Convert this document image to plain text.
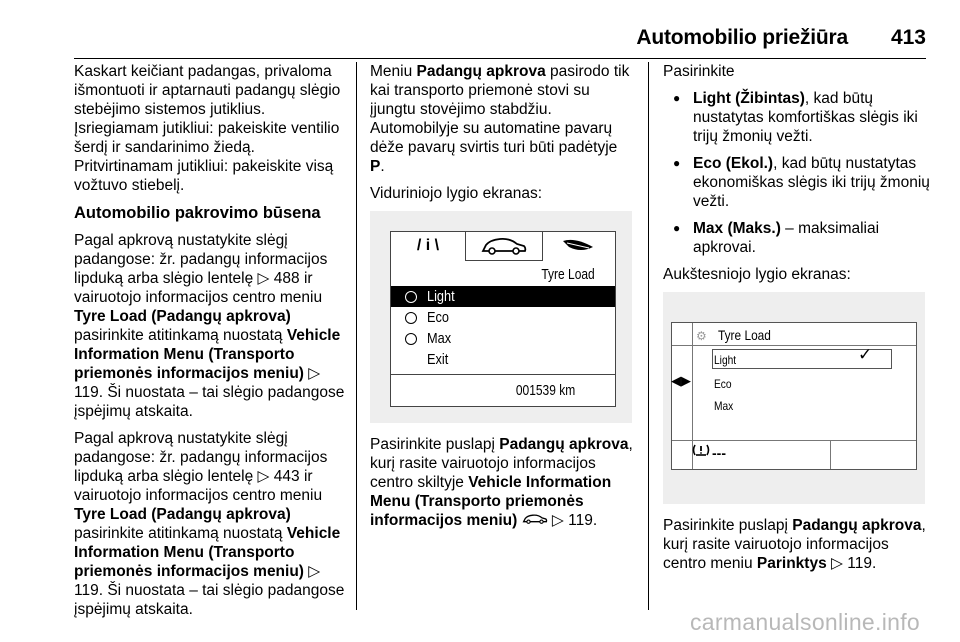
Automobilio priežiūra 413

Kaskart keičiant padangas, privaloma išmontuoti ir aptarnauti padangų slėgio stebėjimo sistemos jutiklius. Įsriegiamam jutikliui: pakeiskite ventilio šerdį ir sandarinimo žiedą. Pritvirtinamam jutikliui: pakeiskite visą vožtuvo stiebelį.

Automobilio pakrovimo būsena

Pagal apkrovą nustatykite slėgį padangose: žr. padangų informacijos lipduką arba slėgio lentelę ▷ 488 ir vairuotojo informacijos centro meniu Tyre Load (Padangų apkrova) pasirinkite atitinkamą nuostatą Vehicle Information Menu (Transporto priemonės informacijos meniu) ▷ 119. Ši nuostata – tai slėgio padangose įspėjimų atskaita.

Pagal apkrovą nustatykite slėgį padangose: žr. padangų informacijos lipduką arba slėgio lentelę ▷ 443 ir vairuotojo informacijos centro meniu Tyre Load (Padangų apkrova) pasirinkite atitinkamą nuostatą Vehicle Information Menu (Transporto priemonės informacijos meniu) ▷ 119. Ši nuostata – tai slėgio padangose įspėjimų atskaita.

Meniu Padangų apkrova pasirodo tik kai transporto priemonė stovi su įjungtu stovėjimo stabdžiu. Automobilyje su automatine pavarų dėže pavarų svirtis turi būti padėtyje P.

Viduriniojo lygio ekranas:

/ i \
Tyre Load
Light
Eco
Max
Exit
001539 km

Pasirinkite puslapį Padangų apkrova, kurį rasite vairuotojo informacijos centro skiltyje Vehicle Information Menu (Transporto priemonės informacijos meniu) ▷ 119.

Pasirinkite

● Light (Žibintas), kad būtų nustatytas komfortiškas slėgis iki trijų žmonių vežti.
● Eco (Ekol.), kad būtų nustatytas ekonomiškas slėgis iki trijų žmonių vežti.
● Max (Maks.) – maksimaliai apkrovai.

Aukštesniojo lygio ekranas:

⚙ Tyre Load
◀▶
Light	✓
Eco
Max
---

Pasirinkite puslapį Padangų apkrova, kurį rasite vairuotojo informacijos centro meniu Parinktys ▷ 119.

carmanualsonline.info
